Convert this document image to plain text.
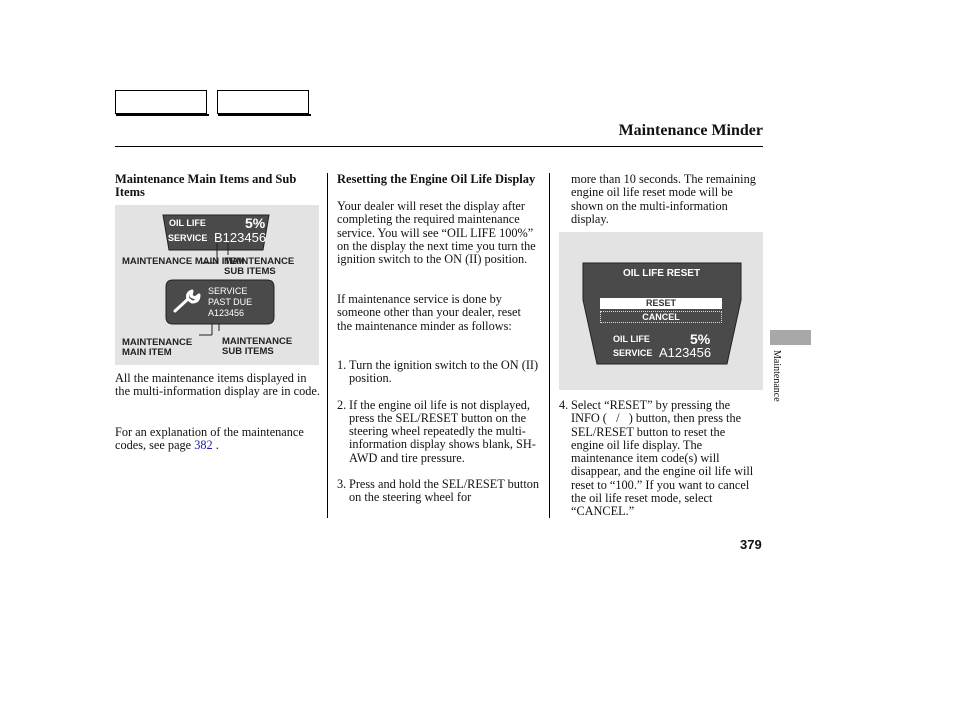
Maintenance Minder
Maintenance Main Items and Sub Items
OIL LIFE	5%
SERVICE B123456
MAINTENANCE MAIN ITEM
MAINTENANCE SUB ITEMS
SERVICE
PAST DUE
A123456
MAINTENANCE MAIN ITEM
MAINTENANCE SUB ITEMS
All the maintenance items displayed in the multi-information display are in code.
For an explanation of the maintenance codes, see page 382 .
Resetting the Engine Oil Life Display
Your dealer will reset the display after completing the required maintenance service. You will see “OIL LIFE 100%” on the display the next time you turn the ignition switch to the ON (II) position.
If maintenance service is done by someone other than your dealer, reset the maintenance minder as follows:
1. Turn the ignition switch to the ON (II) position.
2. If the engine oil life is not displayed, press the SEL/RESET button on the steering wheel repeatedly the multi-information display shows blank, SH-AWD and tire pressure.
3. Press and hold the SEL/RESET button on the steering wheel for
more than 10 seconds. The remaining engine oil life reset mode will be shown on the multi-information display.
OIL LIFE RESET
RESET
CANCEL
OIL LIFE	5%
SERVICE A123456
4. Select “RESET” by pressing the INFO (   /   ) button, then press the SEL/RESET button to reset the engine oil life display. The maintenance item code(s) will disappear, and the engine oil life will reset to “100.” If you want to cancel the oil life reset mode, select “CANCEL.”
379
Maintenance
